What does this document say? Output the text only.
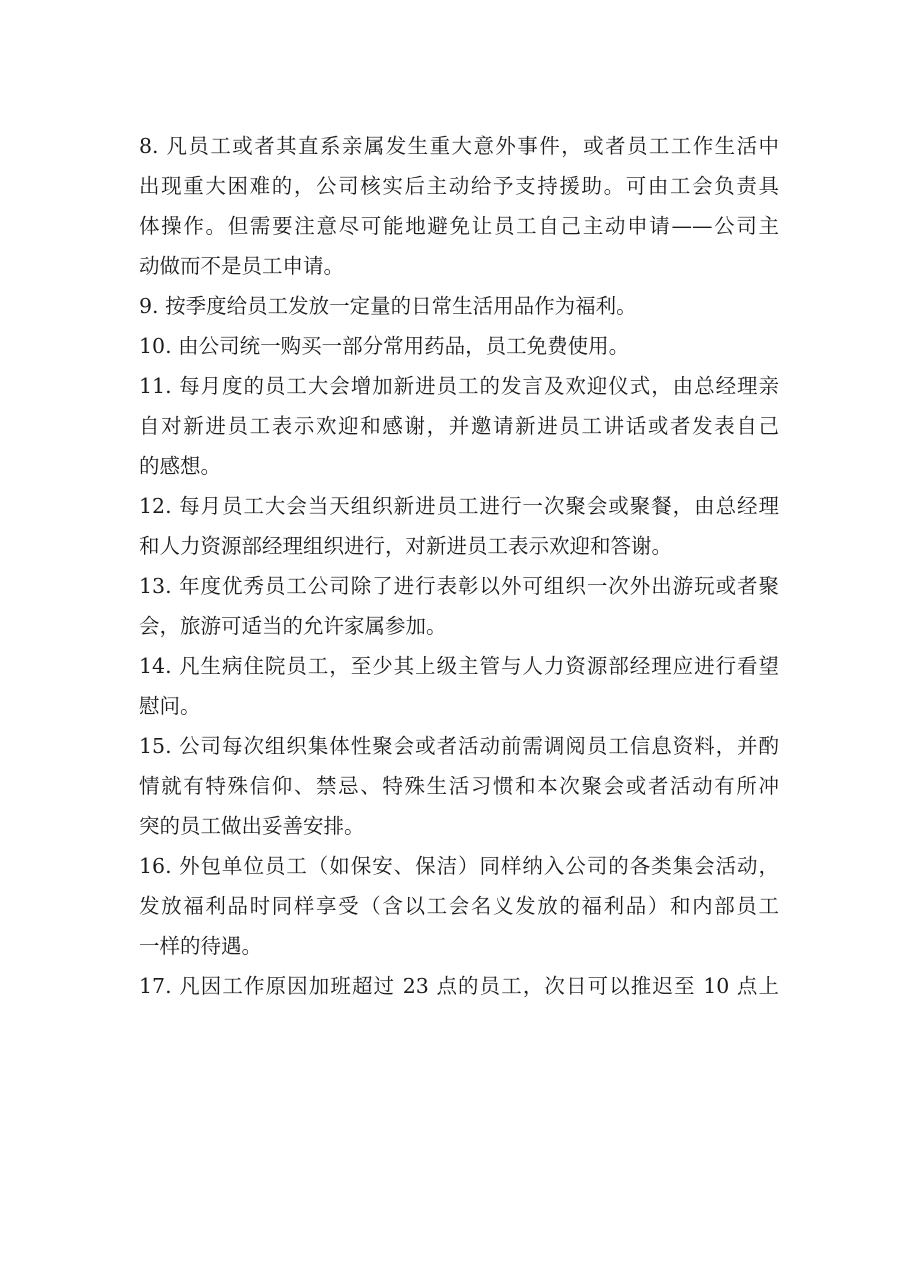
8. 凡员工或者其直系亲属发生重大意外事件，或者员工工作生活中
出现重大困难的，公司核实后主动给予支持援助。可由工会负责具
体操作。但需要注意尽可能地避免让员工自己主动申请——公司主
动做而不是员工申请。
9. 按季度给员工发放一定量的日常生活用品作为福利。
10. 由公司统一购买一部分常用药品，员工免费使用。
11. 每月度的员工大会增加新进员工的发言及欢迎仪式，由总经理亲
自对新进员工表示欢迎和感谢，并邀请新进员工讲话或者发表自己
的感想。
12. 每月员工大会当天组织新进员工进行一次聚会或聚餐，由总经理
和人力资源部经理组织进行，对新进员工表示欢迎和答谢。
13. 年度优秀员工公司除了进行表彰以外可组织一次外出游玩或者聚
会，旅游可适当的允许家属参加。
14. 凡生病住院员工，至少其上级主管与人力资源部经理应进行看望
慰问。
15. 公司每次组织集体性聚会或者活动前需调阅员工信息资料，并酌
情就有特殊信仰、禁忌、特殊生活习惯和本次聚会或者活动有所冲
突的员工做出妥善安排。
16. 外包单位员工（如保安、保洁）同样纳入公司的各类集会活动，
发放福利品时同样享受（含以工会名义发放的福利品）和内部员工
一样的待遇。
17. 凡因工作原因加班超过 23 点的员工，次日可以推迟至 10 点上
